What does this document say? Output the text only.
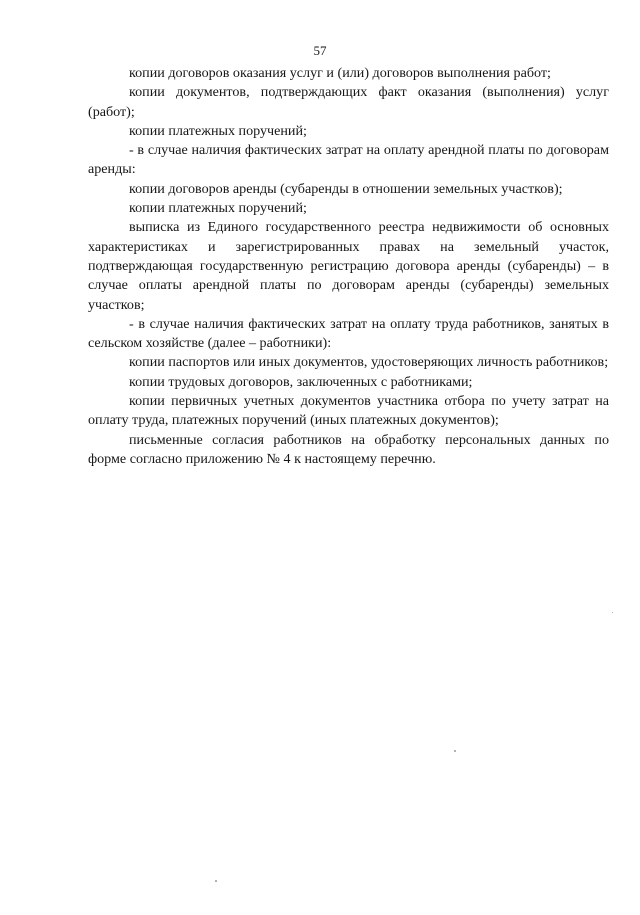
57

копии договоров оказания услуг и (или) договоров выполнения работ;

копии документов, подтверждающих факт оказания (выполнения) услуг (работ);

копии платежных поручений;

- в случае наличия фактических затрат на оплату арендной платы по договорам аренды:

копии договоров аренды (субаренды в отношении земельных участков);

копии платежных поручений;

выписка из Единого государственного реестра недвижимости об основных характеристиках и зарегистрированных правах на земельный участок, подтверждающая государственную регистрацию договора аренды (субаренды) – в случае оплаты арендной платы по договорам аренды (субаренды) земельных участков;

- в случае наличия фактических затрат на оплату труда работников, занятых в сельском хозяйстве (далее – работники):

копии паспортов или иных документов, удостоверяющих личность работников;

копии трудовых договоров, заключенных с работниками;

копии первичных учетных документов участника отбора по учету затрат на оплату труда, платежных поручений (иных платежных документов);

письменные согласия работников на обработку персональных данных по форме согласно приложению № 4 к настоящему перечню.
